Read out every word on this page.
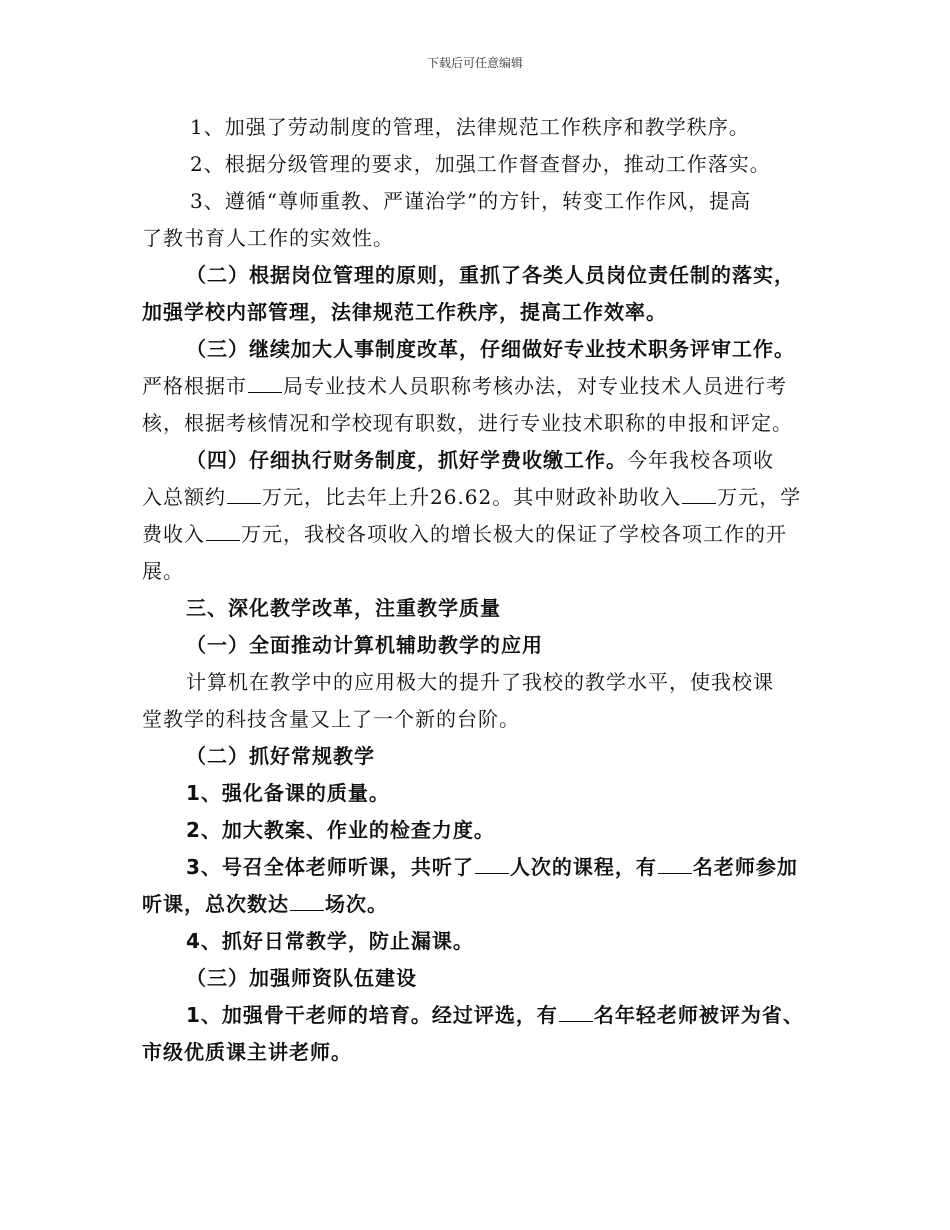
下载后可任意编辑
1、加强了劳动制度的管理，法律规范工作秩序和教学秩序。
2、根据分级管理的要求，加强工作督查督办，推动工作落实。
3、遵循“尊师重教、严谨治学”的方针，转变工作作风，提高
了教书育人工作的实效性。
（二）根据岗位管理的原则，重抓了各类人员岗位责任制的落实，
加强学校内部管理，法律规范工作秩序，提高工作效率。
（三）继续加大人事制度改革，仔细做好专业技术职务评审工作。
严格根据市 局专业技术人员职称考核办法，对专业技术人员进行考
核，根据考核情况和学校现有职数，进行专业技术职称的申报和评定。
（四）仔细执行财务制度，抓好学费收缴工作。今年我校各项收
入总额约 万元，比去年上升26.62。其中财政补助收入 万元，学
费收入 万元，我校各项收入的增长极大的保证了学校各项工作的开
展。
三、深化教学改革，注重教学质量
（一）全面推动计算机辅助教学的应用
计算机在教学中的应用极大的提升了我校的教学水平，使我校课
堂教学的科技含量又上了一个新的台阶。
（二）抓好常规教学
1、强化备课的质量。
2、加大教案、作业的检查力度。
3、号召全体老师听课，共听了 人次的课程，有 名老师参加
听课，总次数达 场次。
4、抓好日常教学，防止漏课。
（三）加强师资队伍建设
1、加强骨干老师的培育。经过评选，有 名年轻老师被评为省、
市级优质课主讲老师。
